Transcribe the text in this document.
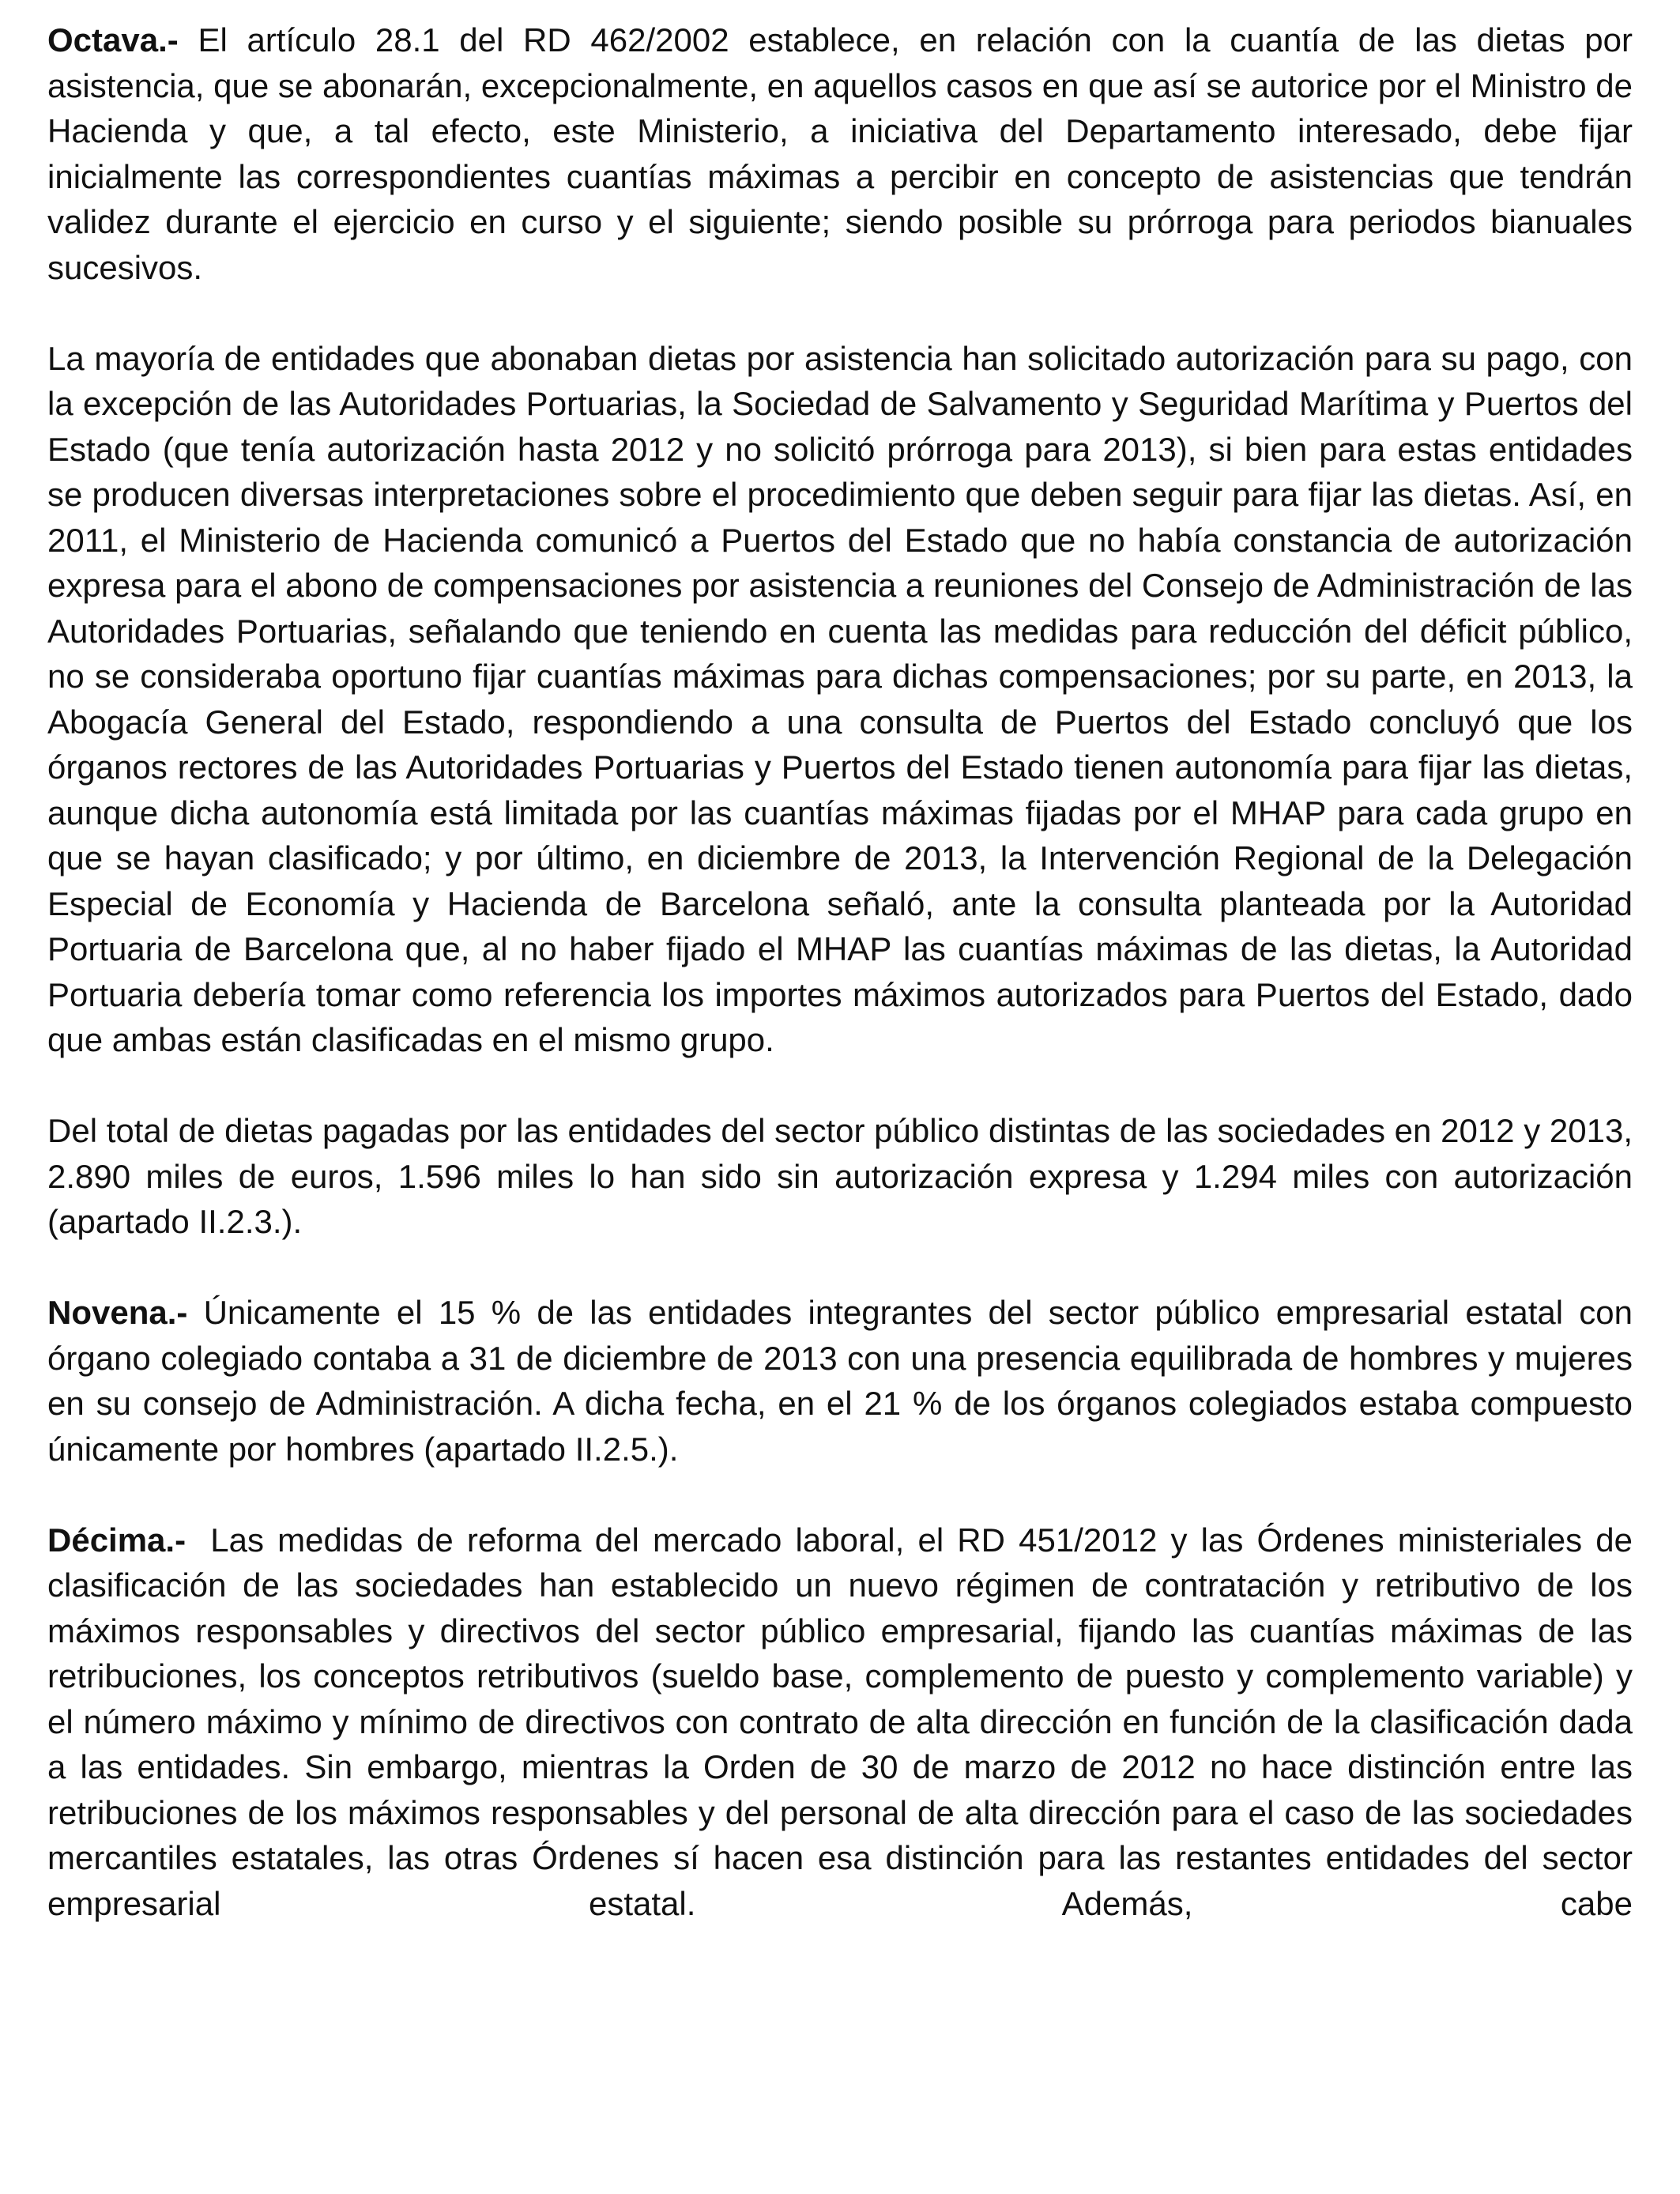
Octava.- El artículo 28.1 del RD 462/2002 establece, en relación con la cuantía de las dietas por asistencia, que se abonarán, excepcionalmente, en aquellos casos en que así se autorice por el Ministro de Hacienda y que, a tal efecto, este Ministerio, a iniciativa del Departamento interesado, debe fijar inicialmente las correspondientes cuantías máximas a percibir en concepto de asistencias que tendrán validez durante el ejercicio en curso y el siguiente; siendo posible su prórroga para periodos bianuales sucesivos.

La mayoría de entidades que abonaban dietas por asistencia han solicitado autorización para su pago, con la excepción de las Autoridades Portuarias, la Sociedad de Salvamento y Seguridad Marítima y Puertos del Estado (que tenía autorización hasta 2012 y no solicitó prórroga para 2013), si bien para estas entidades se producen diversas interpretaciones sobre el procedimiento que deben seguir para fijar las dietas. Así, en 2011, el Ministerio de Hacienda comunicó a Puertos del Estado que no había constancia de autorización expresa para el abono de compensaciones por asistencia a reuniones del Consejo de Administración de las Autoridades Portuarias, señalando que teniendo en cuenta las medidas para reducción del déficit público, no se consideraba oportuno fijar cuantías máximas para dichas compensaciones; por su parte, en 2013, la Abogacía General del Estado, respondiendo a una consulta de Puertos del Estado concluyó que los órganos rectores de las Autoridades Portuarias y Puertos del Estado tienen autonomía para fijar las dietas, aunque dicha autonomía está limitada por las cuantías máximas fijadas por el MHAP para cada grupo en que se hayan clasificado; y por último, en diciembre de 2013, la Intervención Regional de la Delegación Especial de Economía y Hacienda de Barcelona señaló, ante la consulta planteada por la Autoridad Portuaria de Barcelona que, al no haber fijado el MHAP las cuantías máximas de las dietas, la Autoridad Portuaria debería tomar como referencia los importes máximos autorizados para Puertos del Estado, dado que ambas están clasificadas en el mismo grupo.

Del total de dietas pagadas por las entidades del sector público distintas de las sociedades en 2012 y 2013, 2.890 miles de euros, 1.596 miles lo han sido sin autorización expresa y 1.294 miles con autorización (apartado II.2.3.).

Novena.- Únicamente el 15 % de las entidades integrantes del sector público empresarial estatal con órgano colegiado contaba a 31 de diciembre de 2013 con una presencia equilibrada de hombres y mujeres en su consejo de Administración. A dicha fecha, en el 21 % de los órganos colegiados estaba compuesto únicamente por hombres (apartado II.2.5.).

Décima.- Las medidas de reforma del mercado laboral, el RD 451/2012 y las Órdenes ministeriales de clasificación de las sociedades han establecido un nuevo régimen de contratación y retributivo de los máximos responsables y directivos del sector público empresarial, fijando las cuantías máximas de las retribuciones, los conceptos retributivos (sueldo base, complemento de puesto y complemento variable) y el número máximo y mínimo de directivos con contrato de alta dirección en función de la clasificación dada a las entidades. Sin embargo, mientras la Orden de 30 de marzo de 2012 no hace distinción entre las retribuciones de los máximos responsables y del personal de alta dirección para el caso de las sociedades mercantiles estatales, las otras Órdenes sí hacen esa distinción para las restantes entidades del sector empresarial estatal. Además, cabe
